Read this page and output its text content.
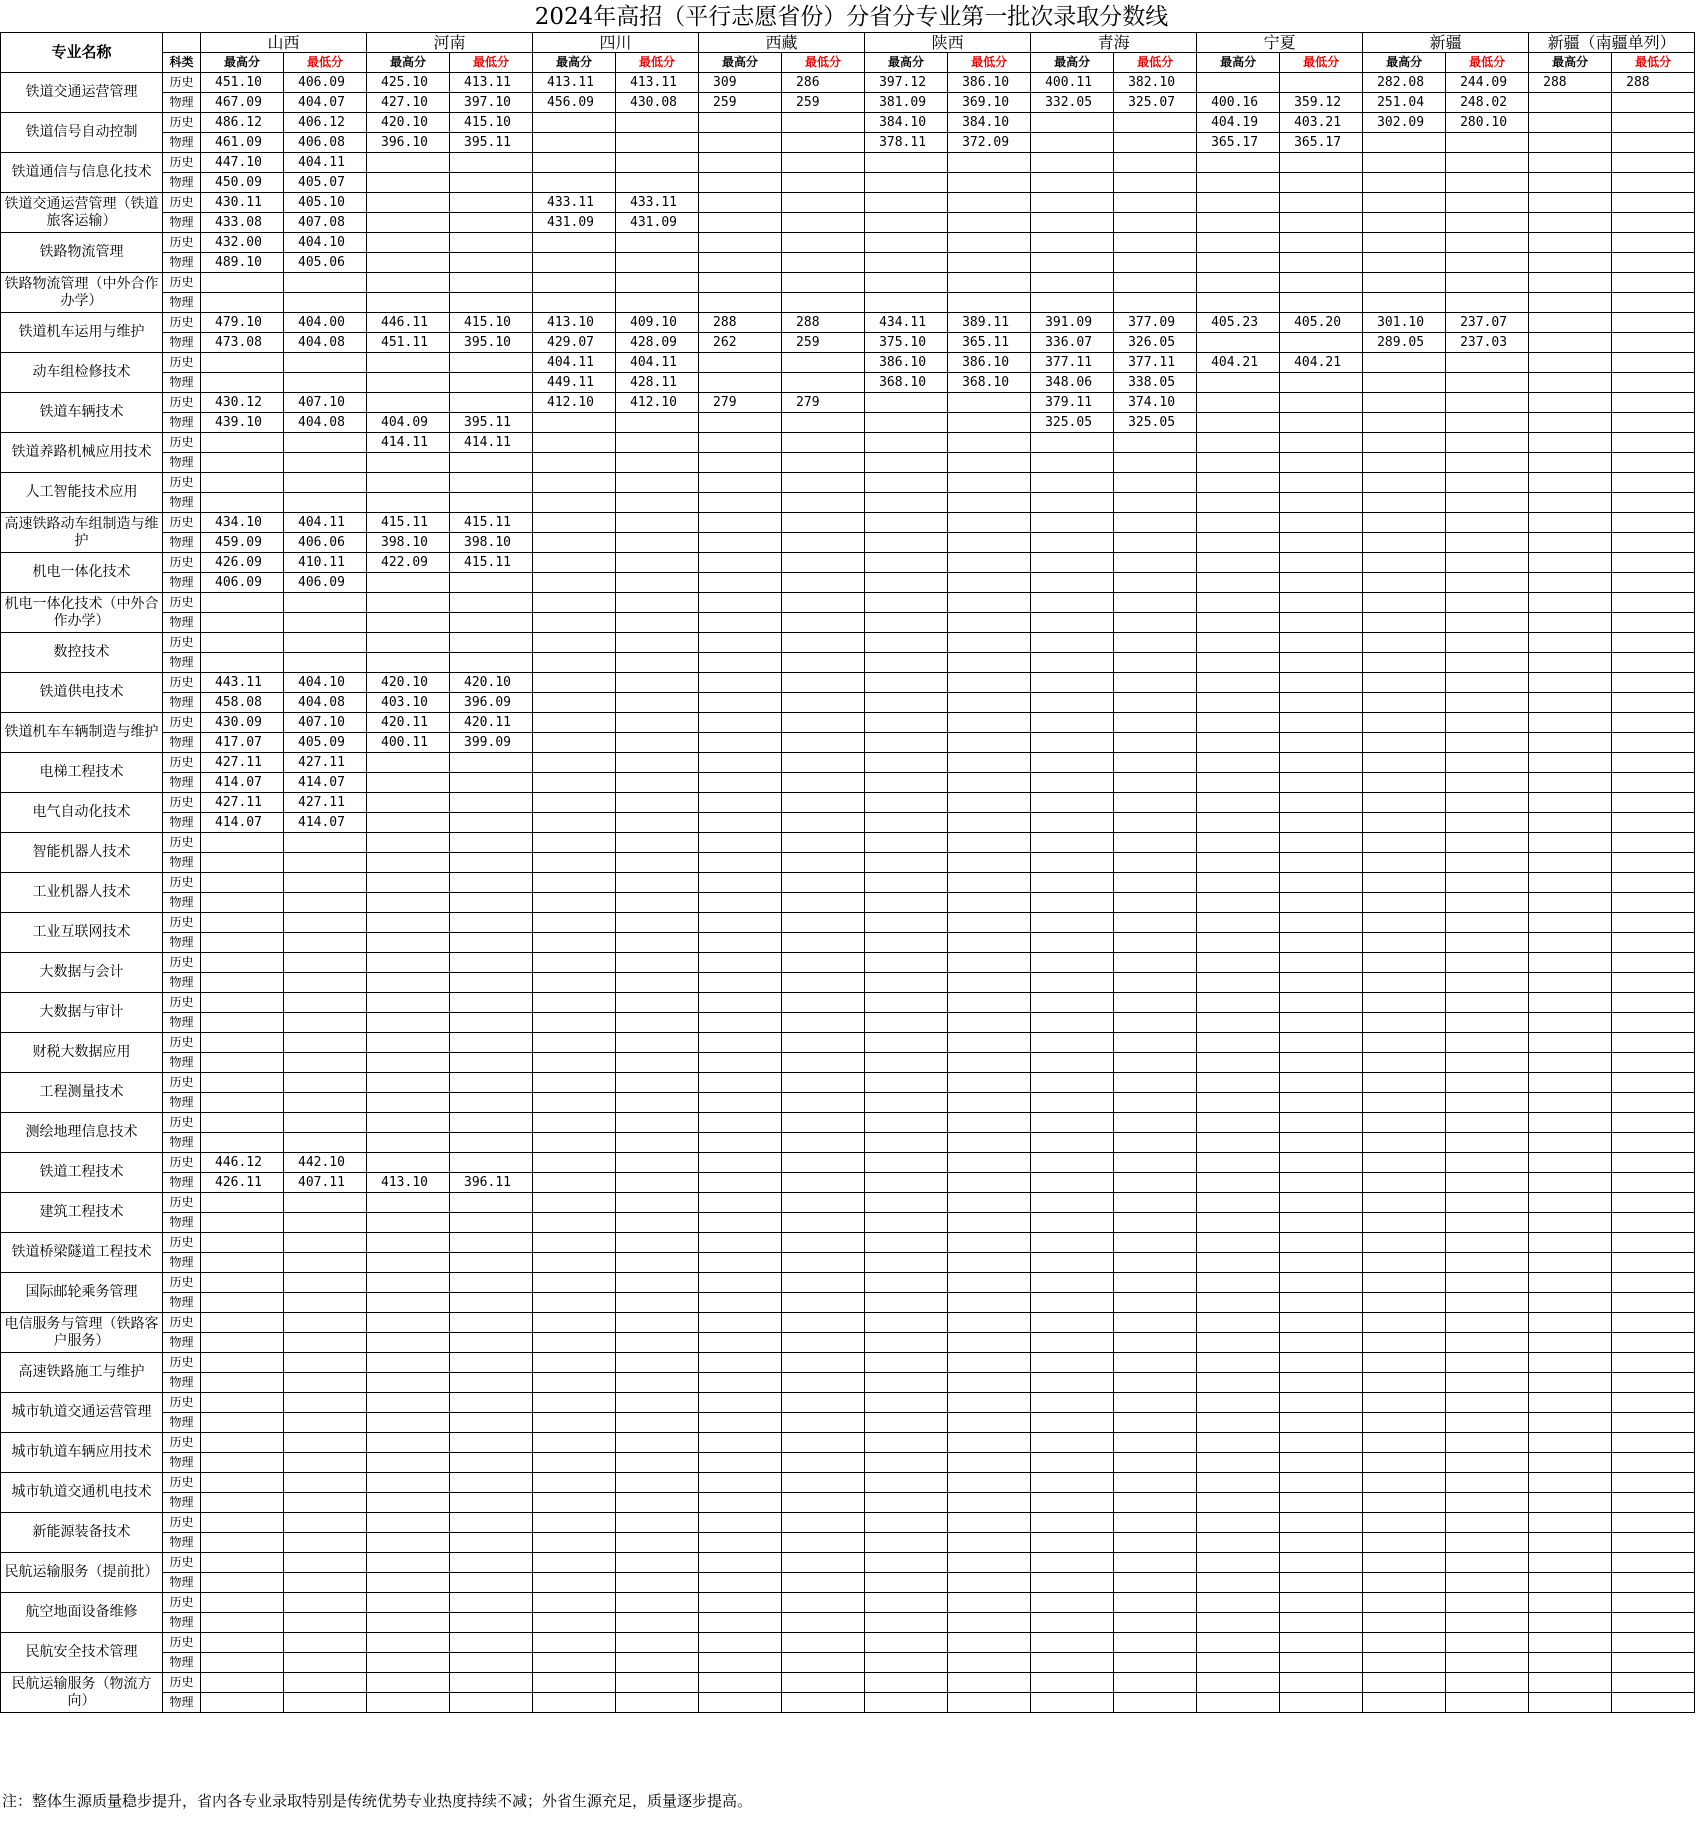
2024年高招（平行志愿省份）分省分专业第一批次录取分数线
专业名称		山西		河南		四川		西藏		陕西		青海		宁夏		新疆		新疆（南疆单列）	
	科类	最高分	最低分	最高分	最低分	最高分	最低分	最高分	最低分	最高分	最低分	最高分	最低分	最高分	最低分	最高分	最低分	最高分	最低分
铁道交通运营管理	历史	451.10	406.09	425.10	413.11	413.11	413.11	309	286	397.12	386.10	400.11	382.10			282.08	244.09	288	288
	物理	467.09	404.07	427.10	397.10	456.09	430.08	259	259	381.09	369.10	332.05	325.07	400.16	359.12	251.04	248.02		
铁道信号自动控制	历史	486.12	406.12	420.10	415.10					384.10	384.10			404.19	403.21	302.09	280.10		
	物理	461.09	406.08	396.10	395.11					378.11	372.09			365.17	365.17				
铁道通信与信息化技术	历史	447.10	404.11																
	物理	450.09	405.07																
铁道交通运营管理（铁道旅客运输）	历史	430.11	405.10			433.11	433.11												
	物理	433.08	407.08			431.09	431.09												
铁路物流管理	历史	432.00	404.10																
	物理	489.10	405.06																
铁路物流管理（中外合作办学）	历史																		
	物理																		
铁道机车运用与维护	历史	479.10	404.00	446.11	415.10	413.10	409.10	288	288	434.11	389.11	391.09	377.09	405.23	405.20	301.10	237.07		
	物理	473.08	404.08	451.11	395.10	429.07	428.09	262	259	375.10	365.11	336.07	326.05			289.05	237.03		
动车组检修技术	历史					404.11	404.11			386.10	386.10	377.11	377.11	404.21	404.21				
	物理					449.11	428.11			368.10	368.10	348.06	338.05						
铁道车辆技术	历史	430.12	407.10			412.10	412.10	279	279			379.11	374.10						
	物理	439.10	404.08	404.09	395.11							325.05	325.05						
铁道养路机械应用技术	历史			414.11	414.11														
	物理																		
人工智能技术应用	历史																		
	物理																		
高速铁路动车组制造与维护	历史	434.10	404.11	415.11	415.11														
	物理	459.09	406.06	398.10	398.10														
机电一体化技术	历史	426.09	410.11	422.09	415.11														
	物理	406.09	406.09																
机电一体化技术（中外合作办学）	历史																		
	物理																		
数控技术	历史																		
	物理																		
铁道供电技术	历史	443.11	404.10	420.10	420.10														
	物理	458.08	404.08	403.10	396.09														
铁道机车车辆制造与维护	历史	430.09	407.10	420.11	420.11														
	物理	417.07	405.09	400.11	399.09														
电梯工程技术	历史	427.11	427.11																
	物理	414.07	414.07																
电气自动化技术	历史	427.11	427.11																
	物理	414.07	414.07																
智能机器人技术	历史																		
	物理																		
工业机器人技术	历史																		
	物理																		
工业互联网技术	历史																		
	物理																		
大数据与会计	历史																		
	物理																		
大数据与审计	历史																		
	物理																		
财税大数据应用	历史																		
	物理																		
工程测量技术	历史																		
	物理																		
测绘地理信息技术	历史																		
	物理																		
铁道工程技术	历史	446.12	442.10																
	物理	426.11	407.11	413.10	396.11														
建筑工程技术	历史																		
	物理																		
铁道桥梁隧道工程技术	历史																		
	物理																		
国际邮轮乘务管理	历史																		
	物理																		
电信服务与管理（铁路客户服务）	历史																		
	物理																		
高速铁路施工与维护	历史																		
	物理																		
城市轨道交通运营管理	历史																		
	物理																		
城市轨道车辆应用技术	历史																		
	物理																		
城市轨道交通机电技术	历史																		
	物理																		
新能源装备技术	历史																		
	物理																		
民航运输服务（提前批）	历史																		
	物理																		
航空地面设备维修	历史																		
	物理																		
民航安全技术管理	历史																		
	物理																		
民航运输服务（物流方向）	历史																		
	物理																		
注：整体生源质量稳步提升，省内各专业录取特别是传统优势专业热度持续不减；外省生源充足，质量逐步提高。
